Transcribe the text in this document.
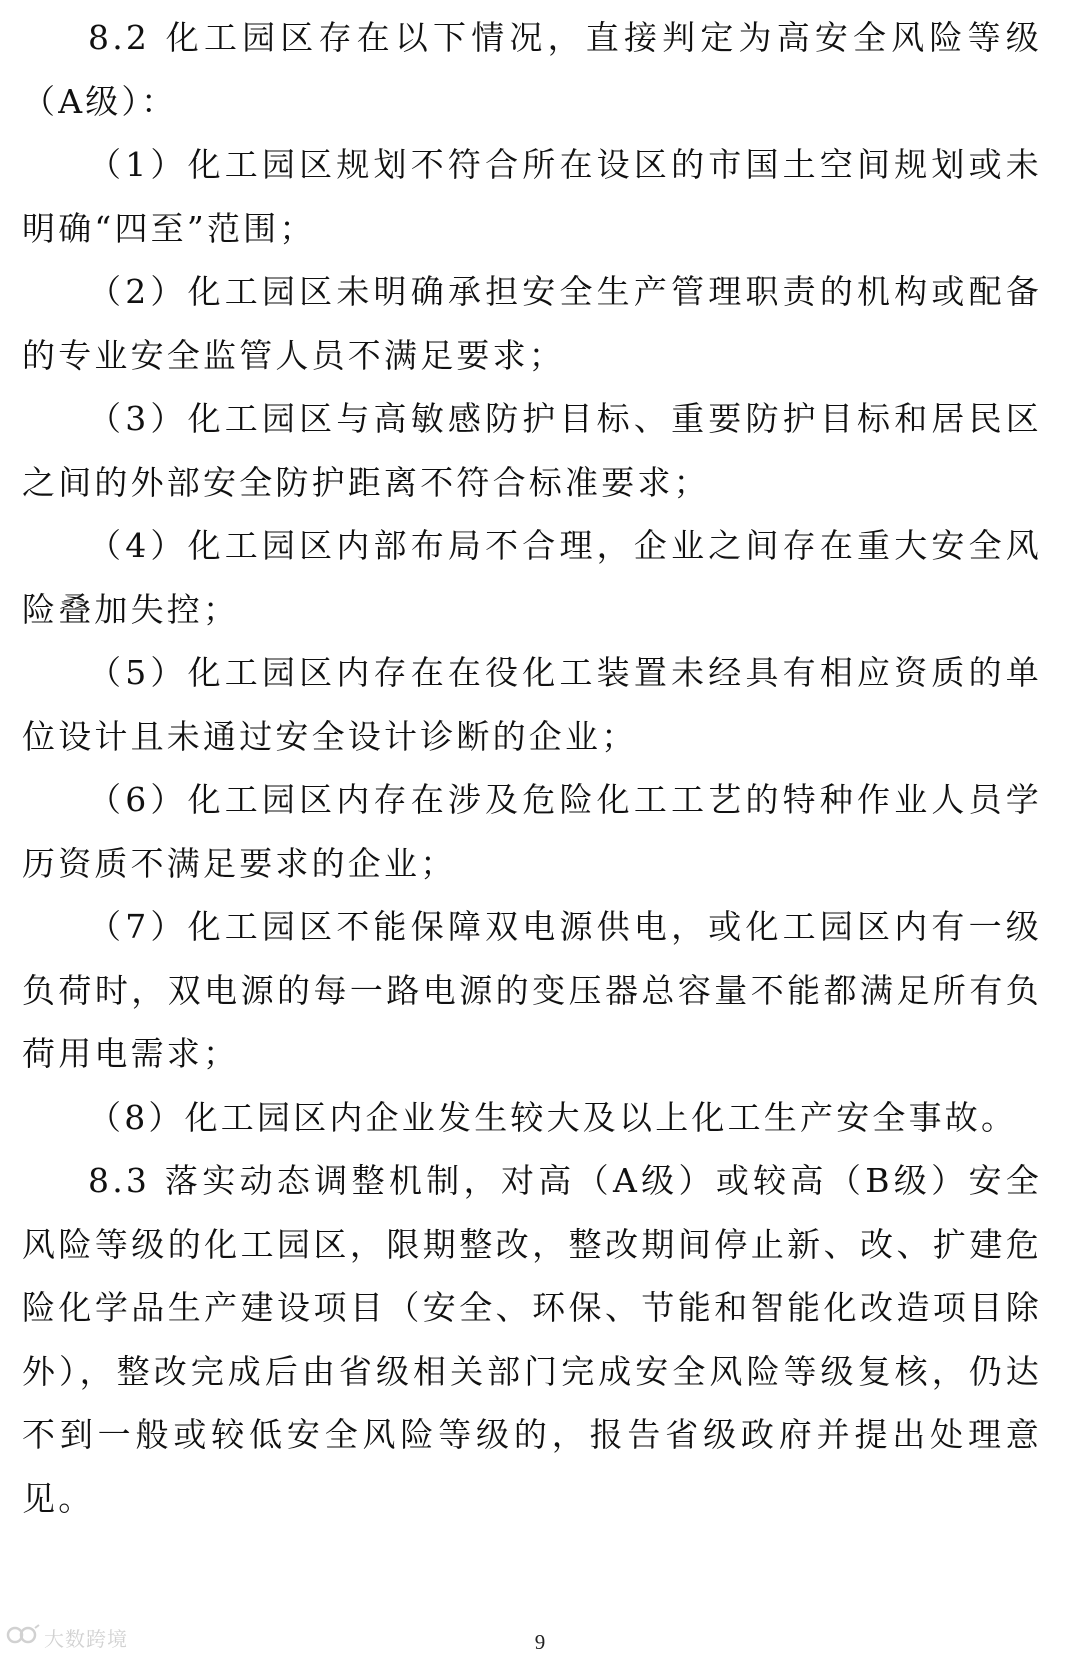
8.2 化工园区存在以下情况，直接判定为高安全风险等级（A级）：

（1）化工园区规划不符合所在设区的市国土空间规划或未明确“四至”范围；

（2）化工园区未明确承担安全生产管理职责的机构或配备的专业安全监管人员不满足要求；

（3）化工园区与高敏感防护目标、重要防护目标和居民区之间的外部安全防护距离不符合标准要求；

（4）化工园区内部布局不合理，企业之间存在重大安全风险叠加失控；

（5）化工园区内存在在役化工装置未经具有相应资质的单位设计且未通过安全设计诊断的企业；

（6）化工园区内存在涉及危险化工工艺的特种作业人员学历资质不满足要求的企业；

（7）化工园区不能保障双电源供电，或化工园区内有一级负荷时，双电源的每一路电源的变压器总容量不能都满足所有负荷用电需求；

（8）化工园区内企业发生较大及以上化工生产安全事故。

8.3 落实动态调整机制，对高（A级）或较高（B级）安全风险等级的化工园区，限期整改，整改期间停止新、改、扩建危险化学品生产建设项目（安全、环保、节能和智能化改造项目除外），整改完成后由省级相关部门完成安全风险等级复核，仍达不到一般或较低安全风险等级的，报告省级政府并提出处理意见。

大数跨境	9
